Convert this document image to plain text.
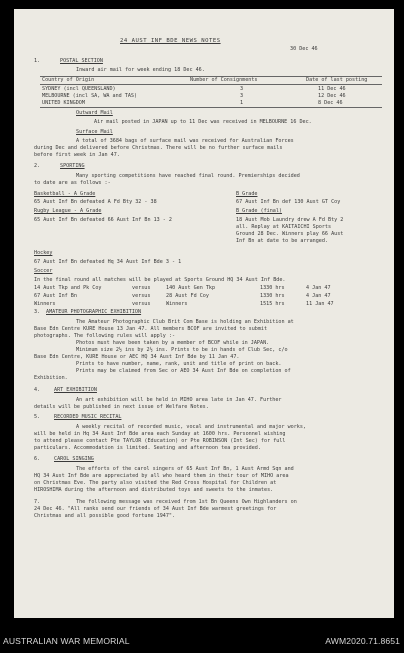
24 AUST INF BDE NEWS NOTES
30 Dec 46
1.	POSTAL SECTION
Inward air mail for week ending 18 Dec 46.
Country of Origin	Number of Consignments	Date of last posting
SYDNEY (incl QUEENSLAND)	3	11 Dec 46
MELBOURNE (incl SA, WA and TAS)	3	12 Dec 46
UNITED KINGDOM	1	8 Dec 46
Outward Mail
Air mail posted in JAPAN up to 11 Dec was received in MELBOURNE 16 Dec.
Surface Mail
A total of 3684 bags of surface mail was received for Australian Forces
during Dec and delivered before Christmas. There will be no further surface mails
before first week in Jan 47.
2.	SPORTING
Many sporting competitions have reached final round. Premierships decided
to date are as follows :-
Basketball - A Grade
65 Aust Inf Bn defeated A Fd Bty 32 - 38
Rugby League - A Grade
65 Aust Inf Bn defeated 66 Aust Inf Bn 13 - 2
B Grade
67 Aust Inf Bn def 130 Aust GT Coy
B Grade (final)
18 Aust Mob Laundry drew A Fd Bty 2
all. Replay at KAITAICHI Sports
Ground 28 Dec. Winners play 66 Aust
Inf Bn at date to be arranged.
Hockey
67 Aust Inf Bn defeated Hq 34 Aust Inf Bde 3 - 1
Soccer
In the final round all matches will be played at Sports Ground HQ 34 Aust Inf Bde.
14 Aust Tkp and Pk Coy	versus	140 Aust Gen Tkp	1330 hrs	4 Jan 47
67 Aust Inf Bn	versus	28 Aust Fd Coy	1330 hrs	4 Jan 47
Winners	versus	Winners	1515 hrs	11 Jan 47
3. AMATEUR PHOTOGRAPHIC EXHIBITION
The Amateur Photographic Club Brit Com Base is holding an Exhibition at
Base Edn Centre KURE House 13 Jan 47. All members BCOF are invited to submit
photographs. The following rules will apply :-
Photos must have been taken by a member of BCOF while in JAPAN.
Minimum size 2½ ins by 2½ ins. Prints to be in hands of Club Sec, c/o
Base Edn Centre, KURE House or AEC HQ 34 Aust Inf Bde by 11 Jan 47.
Prints to have number, name, rank, unit and title of print on back.
Prints may be claimed from Sec or AEO 34 Aust Inf Bde on completion of
Exhibition.
4.	ART EXHIBITION
An art exhibition will be held in MIHO area late in Jan 47. Further
details will be published in next issue of Welfare Notes.
5.	RECORDED MUSIC RECITAL
A weekly recital of recorded music, vocal and instrumental and major works,
will be held in Hq 34 Aust Inf Bde area each Sunday at 1600 hrs. Personnel wishing
to attend please contact Pte TAYLOR (Education) or Pte ROBINSON (Int Sec) for full
particulars. Accommodation is limited. Seating and afternoon tea provided.
6.	CAROL SINGING
The efforts of the carol singers of 65 Aust Inf Bn, 1 Aust Armd Sqn and
HQ 34 Aust Inf Bde are appreciated by all who heard them in their tour of MIHO area
on Christmas Eve. The party also visited the Red Cross Hospital for Children at
HIROSHIMA during the afternoon and distributed toys and sweets to the inmates.
7.	The following message was received from 1st Bn Queens Own Highlanders on
24 Dec 46. "All ranks send our friends of 34 Aust Inf Bde warmest greetings for
Christmas and all possible good fortune 1947".
AUSTRALIAN WAR MEMORIAL	AWM2020.71.8651
